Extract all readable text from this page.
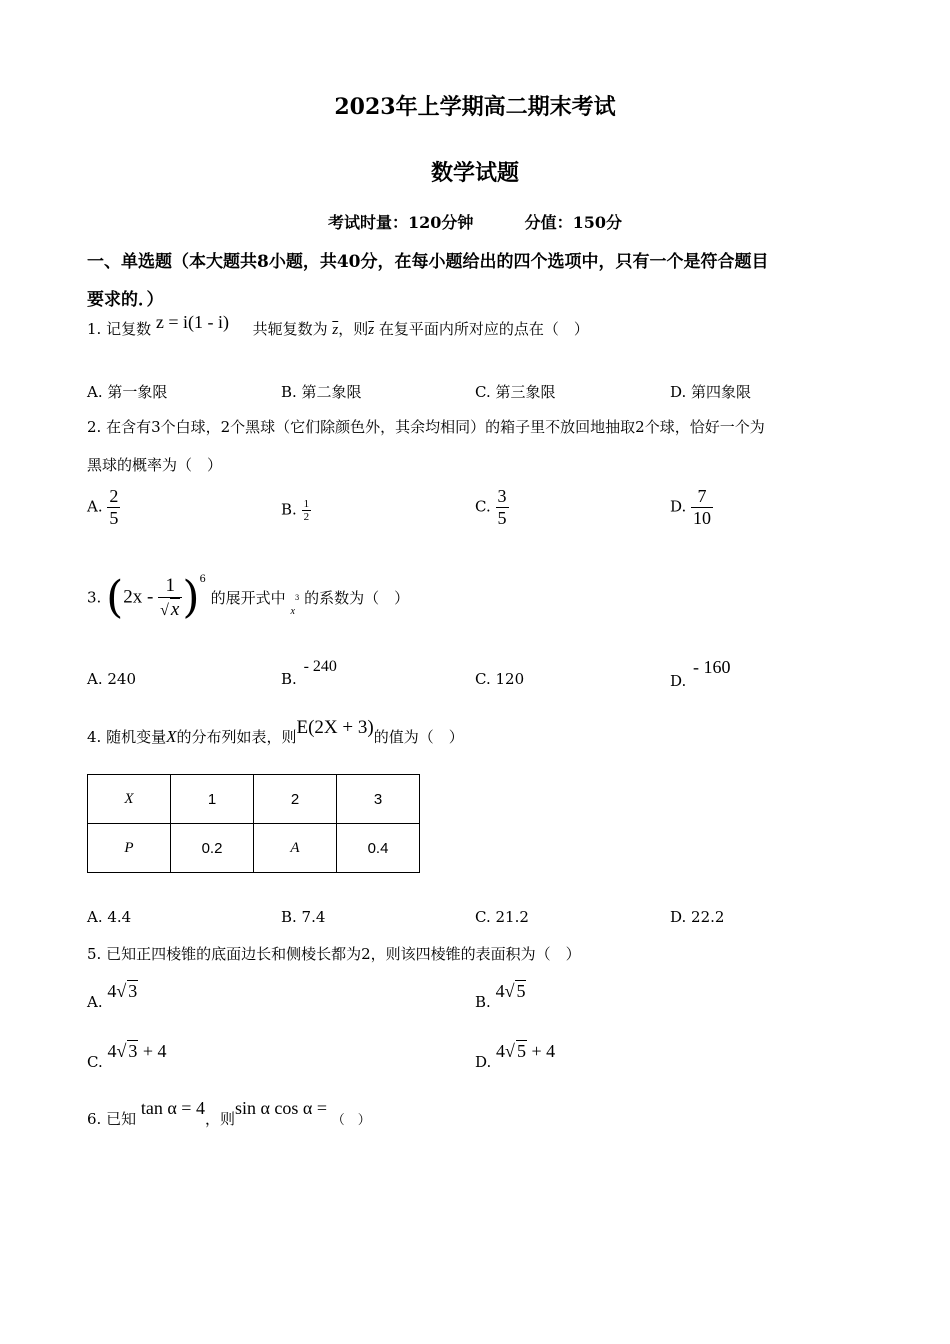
2023年上学期高二期末考试
数学试题
考试时量：120分钟	分值：150分
一、单选题（本大题共8小题，共40分，在每小题给出的四个选项中，只有一个是符合题目
要求的．）
1. 记复数 z = i(1 - i) 共轭复数为 $\overline{z}$，则$\overline{z}$ 在复平面内所对应的点在（　）
A. 第一象限	B. 第二象限	C. 第三象限	D. 第四象限
2. 在含有3个白球，2个黑球（它们除颜色外，其余均相同）的箱子里不放回地抽取2个球，恰好一个为
黑球的概率为（　）
A. $\frac{2}{5}$	B. $\frac{1}{2}$	C. $\frac{3}{5}$	D. $\frac{7}{10}$
3. $(2x - \frac{1}{√ x} )^6$ 的展开式中 $_x^3$ 的系数为（　）
A. 240	B. - 240
C. 120	D. - 160
4. 随机变量X的分布列如表，则E(2X + 3)的值为（　）
X	1	2	3
P	0.2	A	0.4
A. 4.4	B. 7.4	C. 21.2	D. 22.2
5. 已知正四棱锥的底面边长和侧棱长都为2，则该四棱锥的表面积为（　）
A. 4√ 3
B. 4√ 5
C. 4√ 3 + 4
D. 4√ 5 + 4
6. 已知 tan α = 4，则sin α cos α = （　）
